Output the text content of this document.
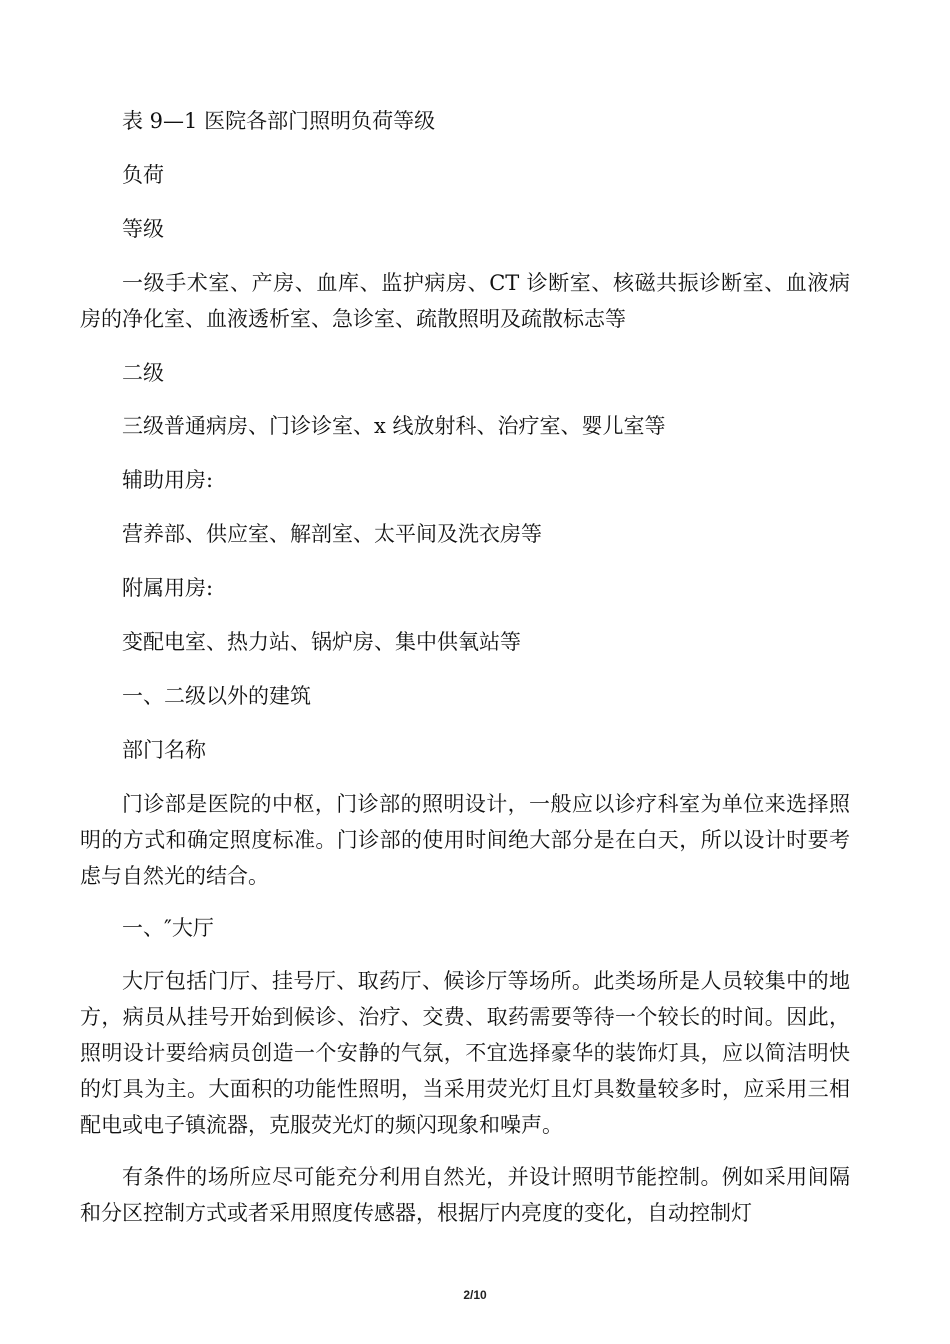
表 9—1 医院各部门照明负荷等级

负荷

等级

一级手术室、产房、血库、监护病房、CT 诊断室、核磁共振诊断室、血液病房的净化室、血液透析室、急诊室、疏散照明及疏散标志等

二级

三级普通病房、门诊诊室、x 线放射科、治疗室、婴儿室等

辅助用房:

营养部、供应室、解剖室、太平间及洗衣房等

附属用房:

变配电室、热力站、锅炉房、集中供氧站等

一、二级以外的建筑

部门名称

门诊部是医院的中枢，门诊部的照明设计，一般应以诊疗科室为单位来选择照明的方式和确定照度标准。门诊部的使用时间绝大部分是在白天，所以设计时要考虑与自然光的结合。

一、″大厅

大厅包括门厅、挂号厅、取药厅、候诊厅等场所。此类场所是人员较集中的地方，病员从挂号开始到候诊、治疗、交费、取药需要等待一个较长的时间。因此，照明设计要给病员创造一个安静的气氛，不宜选择豪华的装饰灯具，应以简洁明快的灯具为主。大面积的功能性照明，当采用荧光灯且灯具数量较多时，应采用三相配电或电子镇流器，克服荧光灯的频闪现象和噪声。

有条件的场所应尽可能充分利用自然光，并设计照明节能控制。例如采用间隔和分区控制方式或者采用照度传感器，根据厅内亮度的变化，自动控制灯

2/10
